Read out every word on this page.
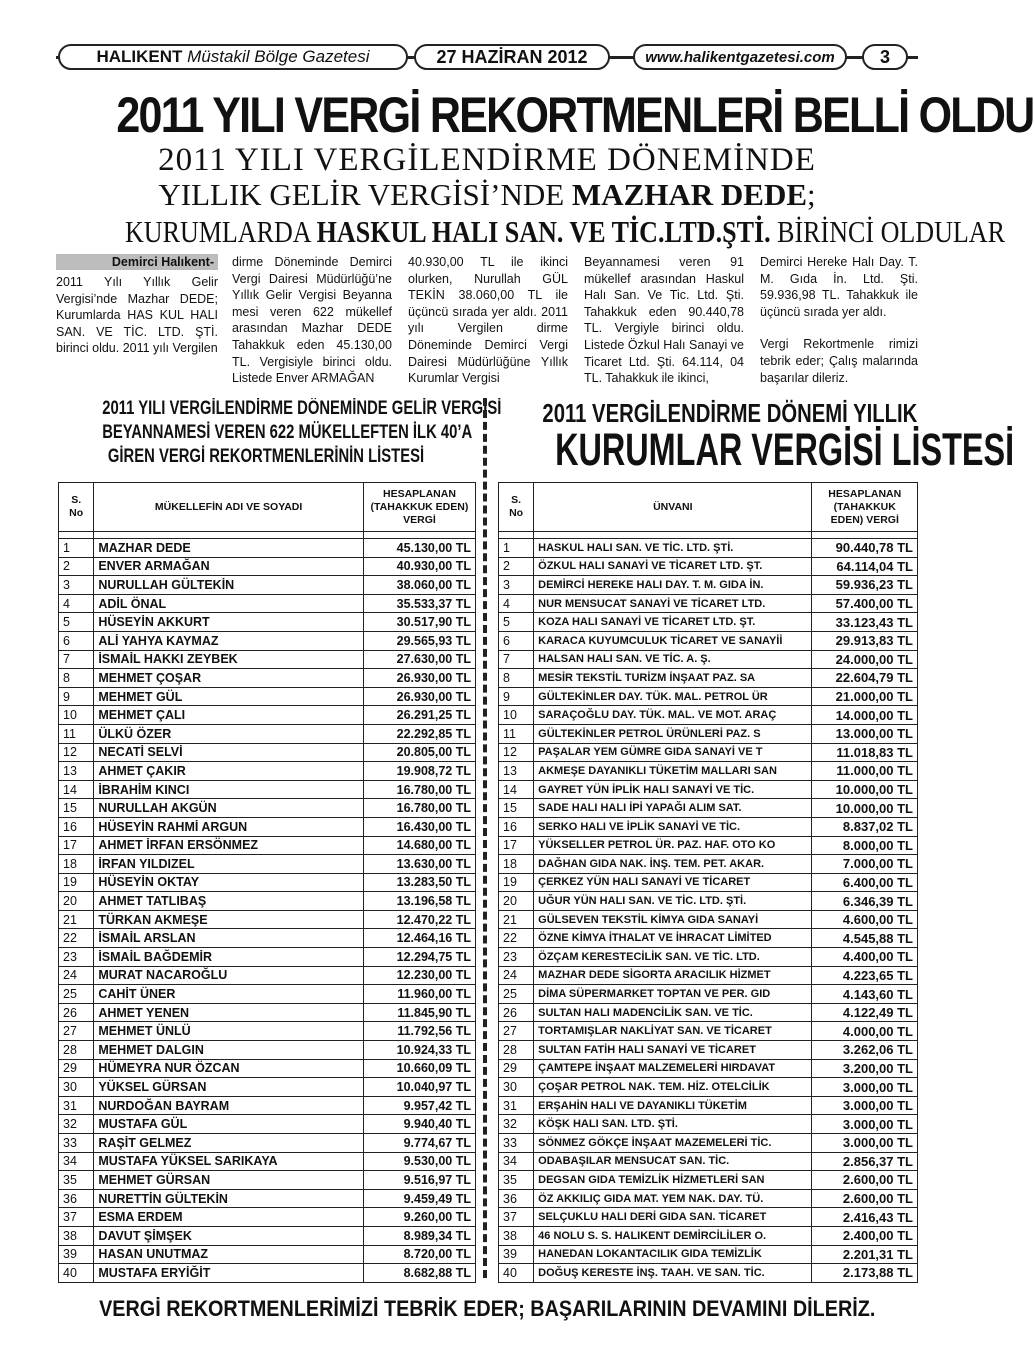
HALIKENT
Müstakil Bölge Gazetesi	27 HAZİRAN 2012	www.halikentgazetesi.com	3
2011 YILI VERGİ REKORTMENLERİ BELLİ OLDU
2011 YILI VERGİLENDİRME DÖNEMİNDE
YILLIK GELİR VERGİSİ’NDE MAZHAR DEDE;
KURUMLARDA HASKUL HALI SAN. VE TİC.LTD.ŞTİ. BİRİNCİ OLDULAR
Demirci Halıkent-
2011 Yılı Yıllık Gelir Vergisi’nde Mazhar DEDE; Kurumlarda HAS KUL HALI SAN. VE TİC. LTD. ŞTİ. birinci oldu. 2011 yılı Vergilen
dirme Döneminde Demirci Vergi Dairesi Müdürlüğü’ne Yıllık Gelir Vergisi Beyanna mesi veren 622 mükellef arasından Mazhar DEDE Tahakkuk eden 45.130,00 TL. Vergisiyle birinci oldu. Listede Enver ARMAĞAN
40.930,00 TL ile ikinci olurken, Nurullah GÜL TEKİN 38.060,00 TL ile üçüncü sırada yer aldı. 2011 yılı Vergilen dirme Döneminde Demirci Vergi Dairesi Müdürlüğüne Yıllık Kurumlar Vergisi
Beyannamesi veren 91 mükellef arasından Haskul Halı San. Ve Tic. Ltd. Şti. Tahakkuk eden 90.440,78 TL. Vergiyle birinci oldu. Listede Özkul Halı Sanayi ve Ticaret Ltd. Şti. 64.114, 04 TL. Tahakkuk ile ikinci,
Demirci Hereke Halı Day. T. M. Gıda İn. Ltd. Şti. 59.936,98 TL. Tahakkuk ile üçüncü sırada yer aldı.
Vergi Rekortmenle rimizi tebrik eder; Çalış malarında başarılar dileriz.
2011 YILI VERGİLENDİRME DÖNEMİNDE GELİR VERGİSİ
BEYANNAMESİ VEREN 622 MÜKELLEFTEN İLK 40’A
GİREN VERGİ REKORTMENLERİNİN LİSTESİ
2011 VERGİLENDİRME DÖNEMİ YILLIK
KURUMLAR VERGİSİ LİSTESİ
S. No	MÜKELLEFİN ADI VE SOYADI	HESAPLANAN (TAHAKKUK EDEN) VERGİ

1	MAZHAR DEDE	45.130,00 TL
2	ENVER ARMAĞAN	40.930,00 TL
3	NURULLAH GÜLTEKİN	38.060,00 TL
4	ADİL ÖNAL	35.533,37 TL
5	HÜSEYİN AKKURT	30.517,90 TL
6	ALİ YAHYA KAYMAZ	29.565,93 TL
7	İSMAİL HAKKI ZEYBEK	27.630,00 TL
8	MEHMET ÇOŞAR	26.930,00 TL
9	MEHMET GÜL	26.930,00 TL
10	MEHMET ÇALI	26.291,25 TL
11	ÜLKÜ ÖZER	22.292,85 TL
12	NECATİ SELVİ	20.805,00 TL
13	AHMET ÇAKIR	19.908,72 TL
14	İBRAHİM KINCI	16.780,00 TL
15	NURULLAH AKGÜN	16.780,00 TL
16	HÜSEYİN RAHMİ ARGUN	16.430,00 TL
17	AHMET İRFAN ERSÖNMEZ	14.680,00 TL
18	İRFAN YILDIZEL	13.630,00 TL
19	HÜSEYİN OKTAY	13.283,50 TL
20	AHMET TATLIBAŞ	13.196,58 TL
21	TÜRKAN AKMEŞE	12.470,22 TL
22	İSMAİL ARSLAN	12.464,16 TL
23	İSMAİL BAĞDEMİR	12.294,75 TL
24	MURAT NACAROĞLU	12.230,00 TL
25	CAHİT ÜNER	11.960,00 TL
26	AHMET YENEN	11.845,90 TL
27	MEHMET ÜNLÜ	11.792,56 TL
28	MEHMET DALGIN	10.924,33 TL
29	HÜMEYRA NUR ÖZCAN	10.660,09 TL
30	YÜKSEL GÜRSAN	10.040,97 TL
31	NURDOĞAN BAYRAM	9.957,42 TL
32	MUSTAFA GÜL	9.940,40 TL
33	RAŞİT GELMEZ	9.774,67 TL
34	MUSTAFA YÜKSEL SARIKAYA	9.530,00 TL
35	MEHMET GÜRSAN	9.516,97 TL
36	NURETTİN GÜLTEKİN	9.459,49 TL
37	ESMA ERDEM	9.260,00 TL
38	DAVUT ŞİMŞEK	8.989,34 TL
39	HASAN UNUTMAZ	8.720,00 TL
40	MUSTAFA ERYİĞİT	8.682,88 TL
S. No	ÜNVANI	HESAPLANAN (TAHAKKUK EDEN) VERGİ

1	HASKUL HALI SAN. VE TİC. LTD. ŞTİ.	90.440,78 TL
2	ÖZKUL HALI SANAYİ VE TİCARET LTD. ŞT.	64.114,04 TL
3	DEMİRCİ HEREKE HALI DAY. T. M. GIDA İN.	59.936,23 TL
4	NUR MENSUCAT SANAYİ VE TİCARET LTD.	57.400,00 TL
5	KOZA HALI SANAYİ VE TİCARET LTD. ŞT.	33.123,43 TL
6	KARACA KUYUMCULUK TİCARET VE SANAYİİ	29.913,83 TL
7	HALSAN HALI SAN. VE TİC. A. Ş.	24.000,00 TL
8	MESİR TEKSTİL TURİZM İNŞAAT PAZ. SA	22.604,79 TL
9	GÜLTEKİNLER DAY. TÜK. MAL. PETROL ÜR	21.000,00 TL
10	SARAÇOĞLU DAY. TÜK. MAL. VE MOT. ARAÇ	14.000,00 TL
11	GÜLTEKİNLER PETROL ÜRÜNLERİ PAZ. S	13.000,00 TL
12	PAŞALAR YEM GÜMRE GIDA SANAYİ VE T	11.018,83 TL
13	AKMEŞE DAYANIKLI TÜKETİM MALLARI SAN	11.000,00 TL
14	GAYRET YÜN İPLİK HALI SANAYİ VE TİC.	10.000,00 TL
15	SADE HALI HALI İPİ YAPAĞI ALIM SAT.	10.000,00 TL
16	SERKO HALI VE İPLİK SANAYİ VE TİC.	8.837,02 TL
17	YÜKSELLER PETROL ÜR. PAZ. HAF. OTO KO	8.000,00 TL
18	DAĞHAN GIDA NAK. İNŞ. TEM. PET. AKAR.	7.000,00 TL
19	ÇERKEZ YÜN HALI SANAYİ VE TİCARET	6.400,00 TL
20	UĞUR YÜN HALI SAN. VE TİC. LTD. ŞTİ.	6.346,39 TL
21	GÜLSEVEN TEKSTİL KİMYA GIDA SANAYİ	4.600,00 TL
22	ÖZNE KİMYA İTHALAT VE İHRACAT LİMİTED	4.545,88 TL
23	ÖZÇAM KERESTECİLİK SAN. VE TİC. LTD.	4.400,00 TL
24	MAZHAR DEDE SİGORTA ARACILIK HİZMET	4.223,65 TL
25	DİMA SÜPERMARKET TOPTAN VE PER. GID	4.143,60 TL
26	SULTAN HALI MADENCİLİK SAN. VE TİC.	4.122,49 TL
27	TORTAMIŞLAR NAKLİYAT SAN. VE TİCARET	4.000,00 TL
28	SULTAN FATİH HALI SANAYİ VE TİCARET	3.262,06 TL
29	ÇAMTEPE İNŞAAT MALZEMELERİ HIRDAVAT	3.200,00 TL
30	ÇOŞAR PETROL NAK. TEM. HİZ. OTELCİLİK	3.000,00 TL
31	ERŞAHİN HALI VE DAYANIKLI TÜKETİM	3.000,00 TL
32	KÖŞK HALI SAN. LTD. ŞTİ.	3.000,00 TL
33	SÖNMEZ GÖKÇE İNŞAAT MAZEMELERİ TİC.	3.000,00 TL
34	ODABAŞILAR MENSUCAT SAN. TİC.	2.856,37 TL
35	DEGSAN GIDA TEMİZLİK HİZMETLERİ SAN	2.600,00 TL
36	ÖZ AKKILIÇ GIDA MAT. YEM NAK. DAY. TÜ.	2.600,00 TL
37	SELÇUKLU HALI DERİ GIDA SAN. TİCARET	2.416,43 TL
38	46 NOLU S. S. HALIKENT DEMİRCİLİLER O.	2.400,00 TL
39	HANEDAN LOKANTACILIK GIDA TEMİZLİK	2.201,31 TL
40	DOĞUŞ KERESTE İNŞ. TAAH. VE SAN. TİC.	2.173,88 TL
VERGİ REKORTMENLERİMİZİ TEBRİK EDER; BAŞARILARININ DEVAMINI DİLERİZ.
